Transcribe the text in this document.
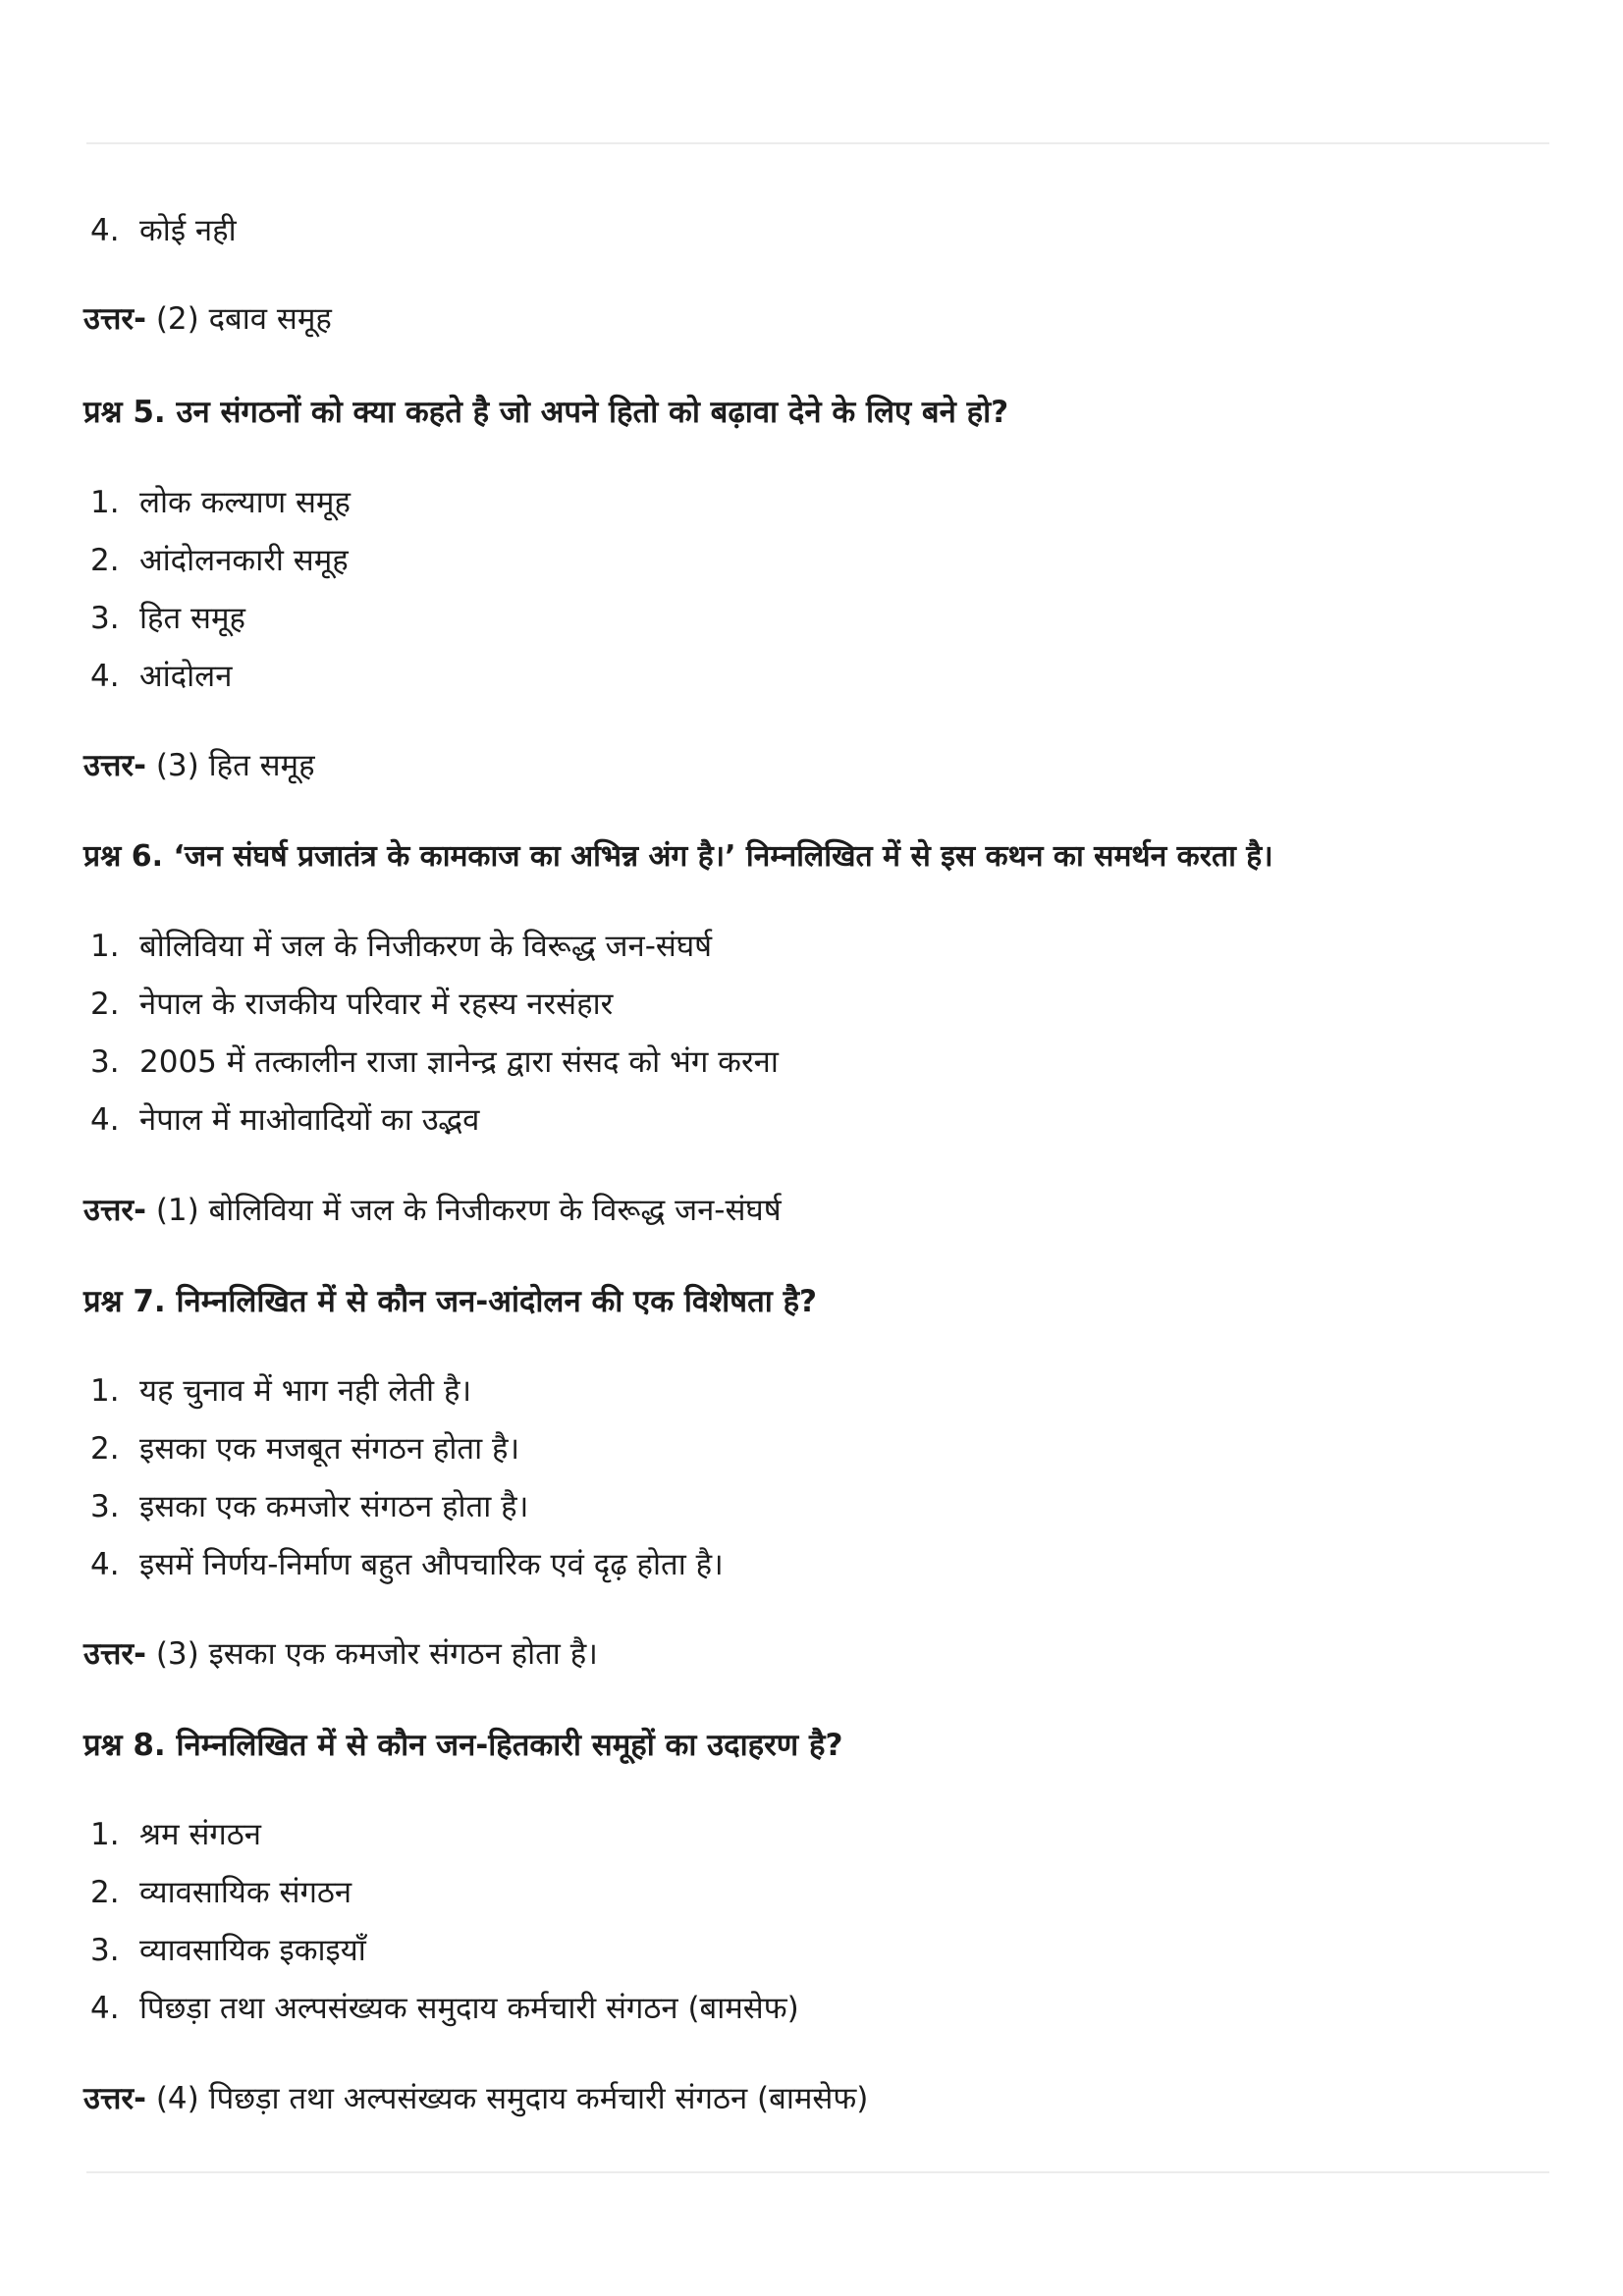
4. कोई नही
उत्तर- (2) दबाव समूह
प्रश्न 5. उन संगठनों को क्या कहते है जो अपने हितो को बढ़ावा देने के लिए बने हो?
1. लोक कल्याण समूह
2. आंदोलनकारी समूह
3. हित समूह
4. आंदोलन
उत्तर- (3) हित समूह
प्रश्न 6. ‘जन संघर्ष प्रजातंत्र के कामकाज का अभिन्न अंग है।’ निम्नलिखित में से इस कथन का समर्थन करता है।
1. बोलिविया में जल के निजीकरण के विरूद्ध जन-संघर्ष
2. नेपाल के राजकीय परिवार में रहस्य नरसंहार
3. 2005 में तत्कालीन राजा ज्ञानेन्द्र द्वारा संसद को भंग करना
4. नेपाल में माओवादियों का उद्भव
उत्तर- (1) बोलिविया में जल के निजीकरण के विरूद्ध जन-संघर्ष
प्रश्न 7. निम्नलिखित में से कौन जन-आंदोलन की एक विशेषता है?
1. यह चुनाव में भाग नही लेती है।
2. इसका एक मजबूत संगठन होता है।
3. इसका एक कमजोर संगठन होता है।
4. इसमें निर्णय-निर्माण बहुत औपचारिक एवं दृढ़ होता है।
उत्तर- (3) इसका एक कमजोर संगठन होता है।
प्रश्न 8. निम्नलिखित में से कौन जन-हितकारी समूहों का उदाहरण है?
1. श्रम संगठन
2. व्यावसायिक संगठन
3. व्यावसायिक इकाइयाँ
4. पिछड़ा तथा अल्पसंख्यक समुदाय कर्मचारी संगठन (बामसेफ)
उत्तर- (4) पिछड़ा तथा अल्पसंख्यक समुदाय कर्मचारी संगठन (बामसेफ)
